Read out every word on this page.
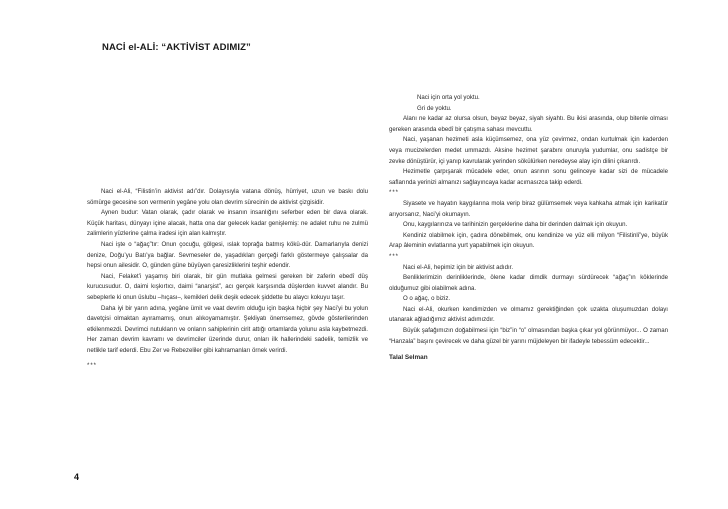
NACİ el-ALİ: “AKTİVİST ADIMIZ”

Naci el-Ali, “Filistin’in aktivist adı”dır. Dolayısıyla vatana dönüş, hürriyet, uzun ve baskı dolu sömürge gecesine son vermenin yegâne yolu olan devrim sürecinin de aktivist çizgisidir.

Aynen budur: Vatan olarak, çadır olarak ve insanın insanlığını seferber eden bir dava olarak. Küçük haritası, dünyayı içine alacak, hatta ona dar gelecek kadar genişlemiş: ne adalet ruhu ne zulmü zalimlerin yüzlerine çalma iradesi için alan kalmıştır.

Naci işte o “ağaç”tır: Onun çocuğu, gölgesi, ıslak toprağa batmış kökü-dür. Damarlarıyla denizi denize, Doğu’yu Batı’ya bağlar. Sevmeseler de, yaşadıkları gerçeği farklı göstermeye çalışsalar da hepsi onun ailesidir. O, günden güne büyüyen çaresizliklerini teşhir edendir.

Naci, Felaket’i yaşamış biri olarak, bir gün mutlaka gelmesi gereken bir zaferin ebedî düş kurucusudur. O, daimi kışkırtıcı, daimi “anarşist”, acı gerçek karşısında düşlerden kuvvet alandır. Bu sebeplerle ki onun üslubu –hıçası–, kemikleri delik deşik edecek şiddette bu alaycı kokuyu taşır.

Daha iyi bir yarın adına, yegâne ümit ve vaat devrim olduğu için başka hiçbir şey Naci’yi bu yolun davetçisi olmaktan ayıramamış, onun alıkoyamamıştır. Şekliyatı önemsemez, gövde gösterilerinden etkilenmezdi. Devrimci nutukların ve onların sahiplerinin cirit attığı ortamlarda yolunu asla kaybetmezdi. Her zaman devrim kavramı ve devrimciler üzerinde durur, onları ilk hallerindeki sadelik, temizlik ve netlikle tarif ederdi. Ebu Zer ve Rebezeliler gibi kahramanları örnek verirdi.

***

Naci için orta yol yoktu.

Gri de yoktu.

Alanı ne kadar az olursa olsun, beyaz beyaz, siyah siyahtı. Bu ikisi arasında, olup bitenle olması gereken arasında ebedî bir çatışma sahası mevcuttu.

Naci, yaşanan hezimeti asla küçümsemez, ona yüz çevirmez, ondan kurtulmak için kaderden veya mucizelerden medet ummazdı. Aksine hezimet şarabını onuruyla yudumlar, onu sadistçe bir zevke dönüştürür, içi yanıp kavrularak yerinden sökülürken neredeyse alay için dilini çıkarırdı.

Hezimetle çarpışarak mücadele eder, onun asrının sonu gelinceye kadar sizi de mücadele saflarında yerinizi almanızı sağlayıncaya kadar acımasızca takip ederdi.

***

Siyasete ve hayatın kaygılarına mola verip biraz gülümsemek veya kahkaha atmak için karikatür arıyorsanız, Naci’yi okumayın.

Onu, kaygılarınıza ve tarihinizin gerçeklerine daha bir derinden dalmak için okuyun.

Kendiniz olabilmek için, çadıra dönebilmek, onu kendinize ve yüz elli milyon “Filistinli”ye, büyük Arap âleminin evlatlarına yurt yapabilmek için okuyun.

***

Naci el-Ali, hepimiz için bir aktivist adıdır.

Benliklerimizin derinliklerinde, ölene kadar dimdik durmayı sürdürecek “ağaç”ın köklerinde olduğumuz gibi olabilmek adına.

O o ağaç, o biziz.

Naci el-Ali, okurken kendimizden ve olmamız gerektiğinden çok uzakta oluşumuzdan dolayı utanarak ağladığımız aktivist adımızdır.

Büyük şafağımızın doğabilmesi için “biz”in “o” olmasından başka çıkar yol görünmüyor... O zaman “Hanzala” başını çevirecek ve daha güzel bir yarını müjdeleyen bir ifadeyle tebessüm edecektir...

Talal Selman

4
